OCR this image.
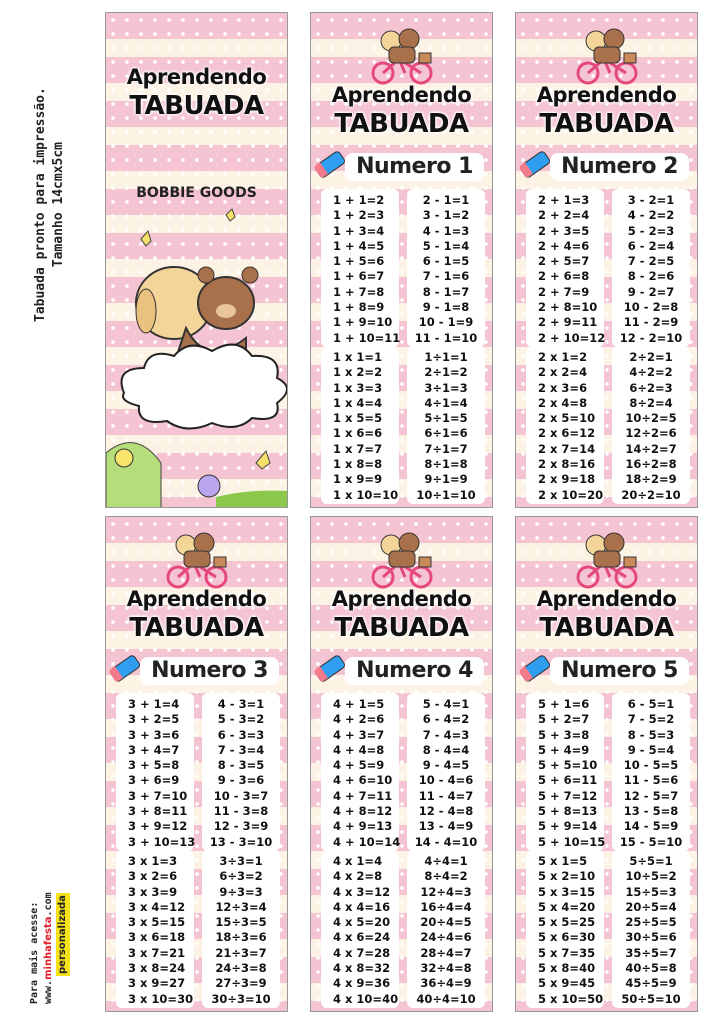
Tabuada pronto para impressão. Tamanho 14cmx5cm
Para mais acesse: www.minhafesta.com personalizada
Aprendendo
TABUADA
BOBBIE GOODS
Aprendendo
TABUADA
Numero 1
1 + 1=2
1 + 2=3
1 + 3=4
1 + 4=5
1 + 5=6
1 + 6=7
1 + 7=8
1 + 8=9
1 + 9=10
1 + 10=11
2 - 1=1
3 - 1=2
4 - 1=3
5 - 1=4
6 - 1=5
7 - 1=6
8 - 1=7
9 - 1=8
10 - 1=9
11 - 1=10
1 x 1=1
1 x 2=2
1 x 3=3
1 x 4=4
1 x 5=5
1 x 6=6
1 x 7=7
1 x 8=8
1 x 9=9
1 x 10=10
1÷1=1
2÷1=2
3÷1=3
4÷1=4
5÷1=5
6÷1=6
7÷1=7
8÷1=8
9÷1=9
10÷1=10
Aprendendo
TABUADA
Numero 2
2 + 1=3
2 + 2=4
2 + 3=5
2 + 4=6
2 + 5=7
2 + 6=8
2 + 7=9
2 + 8=10
2 + 9=11
2 + 10=12
3 - 2=1
4 - 2=2
5 - 2=3
6 - 2=4
7 - 2=5
8 - 2=6
9 - 2=7
10 - 2=8
11 - 2=9
12 - 2=10
2 x 1=2
2 x 2=4
2 x 3=6
2 x 4=8
2 x 5=10
2 x 6=12
2 x 7=14
2 x 8=16
2 x 9=18
2 x 10=20
2÷2=1
4÷2=2
6÷2=3
8÷2=4
10÷2=5
12÷2=6
14÷2=7
16÷2=8
18÷2=9
20÷2=10
Aprendendo
TABUADA
Numero 3
3 + 1=4
3 + 2=5
3 + 3=6
3 + 4=7
3 + 5=8
3 + 6=9
3 + 7=10
3 + 8=11
3 + 9=12
3 + 10=13
4 - 3=1
5 - 3=2
6 - 3=3
7 - 3=4
8 - 3=5
9 - 3=6
10 - 3=7
11 - 3=8
12 - 3=9
13 - 3=10
3 x 1=3
3 x 2=6
3 x 3=9
3 x 4=12
3 x 5=15
3 x 6=18
3 x 7=21
3 x 8=24
3 x 9=27
3 x 10=30
3÷3=1
6÷3=2
9÷3=3
12÷3=4
15÷3=5
18÷3=6
21÷3=7
24÷3=8
27÷3=9
30÷3=10
Aprendendo
TABUADA
Numero 4
4 + 1=5
4 + 2=6
4 + 3=7
4 + 4=8
4 + 5=9
4 + 6=10
4 + 7=11
4 + 8=12
4 + 9=13
4 + 10=14
5 - 4=1
6 - 4=2
7 - 4=3
8 - 4=4
9 - 4=5
10 - 4=6
11 - 4=7
12 - 4=8
13 - 4=9
14 - 4=10
4 x 1=4
4 x 2=8
4 x 3=12
4 x 4=16
4 x 5=20
4 x 6=24
4 x 7=28
4 x 8=32
4 x 9=36
4 x 10=40
4÷4=1
8÷4=2
12÷4=3
16÷4=4
20÷4=5
24÷4=6
28÷4=7
32÷4=8
36÷4=9
40÷4=10
Aprendendo
TABUADA
Numero 5
5 + 1=6
5 + 2=7
5 + 3=8
5 + 4=9
5 + 5=10
5 + 6=11
5 + 7=12
5 + 8=13
5 + 9=14
5 + 10=15
6 - 5=1
7 - 5=2
8 - 5=3
9 - 5=4
10 - 5=5
11 - 5=6
12 - 5=7
13 - 5=8
14 - 5=9
15 - 5=10
5 x 1=5
5 x 2=10
5 x 3=15
5 x 4=20
5 x 5=25
5 x 6=30
5 x 7=35
5 x 8=40
5 x 9=45
5 x 10=50
5÷5=1
10÷5=2
15÷5=3
20÷5=4
25÷5=5
30÷5=6
35÷5=7
40÷5=8
45÷5=9
50÷5=10
